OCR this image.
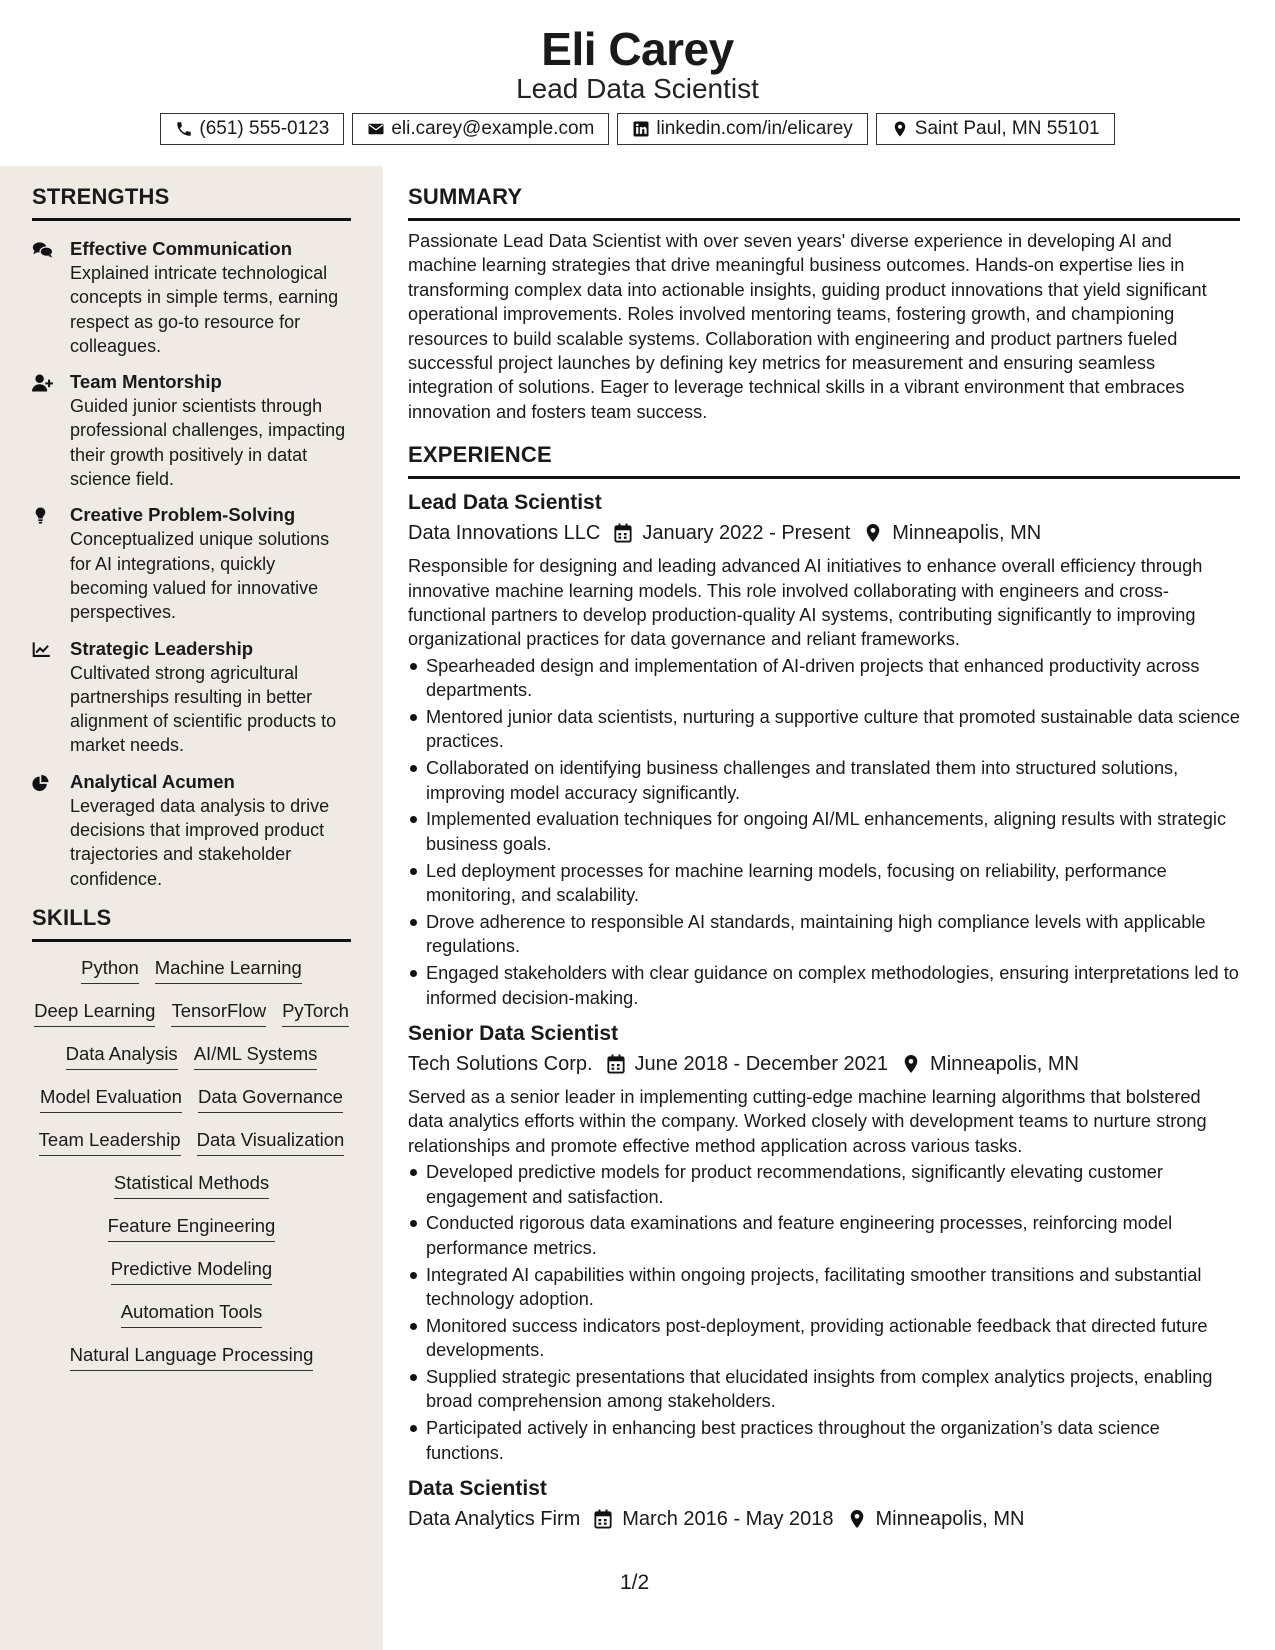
Eli Carey
Lead Data Scientist
(651) 555-0123	eli.carey@example.com	linkedin.com/in/elicarey	Saint Paul, MN 55101
STRENGTHS
Effective Communication
Explained intricate technological concepts in simple terms, earning respect as go-to resource for colleagues.
Team Mentorship
Guided junior scientists through professional challenges, impacting their growth positively in datat science field.
Creative Problem-Solving
Conceptualized unique solutions for AI integrations, quickly becoming valued for innovative perspectives.
Strategic Leadership
Cultivated strong agricultural partnerships resulting in better alignment of scientific products to market needs.
Analytical Acumen
Leveraged data analysis to drive decisions that improved product trajectories and stakeholder confidence.
SKILLS
Python Machine Learning
Deep Learning TensorFlow PyTorch
Data Analysis AI/ML Systems
Model Evaluation Data Governance
Team Leadership Data Visualization
Statistical Methods
Feature Engineering
Predictive Modeling
Automation Tools
Natural Language Processing
SUMMARY

Passionate Lead Data Scientist with over seven years' diverse experience in developing AI and machine learning strategies that drive meaningful business outcomes. Hands-on expertise lies in transforming complex data into actionable insights, guiding product innovations that yield significant operational improvements. Roles involved mentoring teams, fostering growth, and championing resources to build scalable systems. Collaboration with engineering and product partners fueled successful project launches by defining key metrics for measurement and ensuring seamless integration of solutions. Eager to leverage technical skills in a vibrant environment that embraces innovation and fosters team success.

EXPERIENCE
Lead Data Scientist
Data Innovations LLC January 2022 - Present Minneapolis, MN

Responsible for designing and leading advanced AI initiatives to enhance overall efficiency through innovative machine learning models. This role involved collaborating with engineers and cross-functional partners to develop production-quality AI systems, contributing significantly to improving organizational practices for data governance and reliant frameworks.

Spearheaded design and implementation of AI-driven projects that enhanced productivity across departments.
Mentored junior data scientists, nurturing a supportive culture that promoted sustainable data science practices.
Collaborated on identifying business challenges and translated them into structured solutions, improving model accuracy significantly.
Implemented evaluation techniques for ongoing AI/ML enhancements, aligning results with strategic business goals.
Led deployment processes for machine learning models, focusing on reliability, performance monitoring, and scalability.
Drove adherence to responsible AI standards, maintaining high compliance levels with applicable regulations.
Engaged stakeholders with clear guidance on complex methodologies, ensuring interpretations led to informed decision-making.
Senior Data Scientist
Tech Solutions Corp. June 2018 - December 2021 Minneapolis, MN

Served as a senior leader in implementing cutting-edge machine learning algorithms that bolstered data analytics efforts within the company. Worked closely with development teams to nurture strong relationships and promote effective method application across various tasks.

Developed predictive models for product recommendations, significantly elevating customer engagement and satisfaction.
Conducted rigorous data examinations and feature engineering processes, reinforcing model performance metrics.
Integrated AI capabilities within ongoing projects, facilitating smoother transitions and substantial technology adoption.
Monitored success indicators post-deployment, providing actionable feedback that directed future developments.
Supplied strategic presentations that elucidated insights from complex analytics projects, enabling broad comprehension among stakeholders.
Participated actively in enhancing best practices throughout the organization’s data science functions.
Data Scientist
Data Analytics Firm March 2016 - May 2018 Minneapolis, MN
1/2
